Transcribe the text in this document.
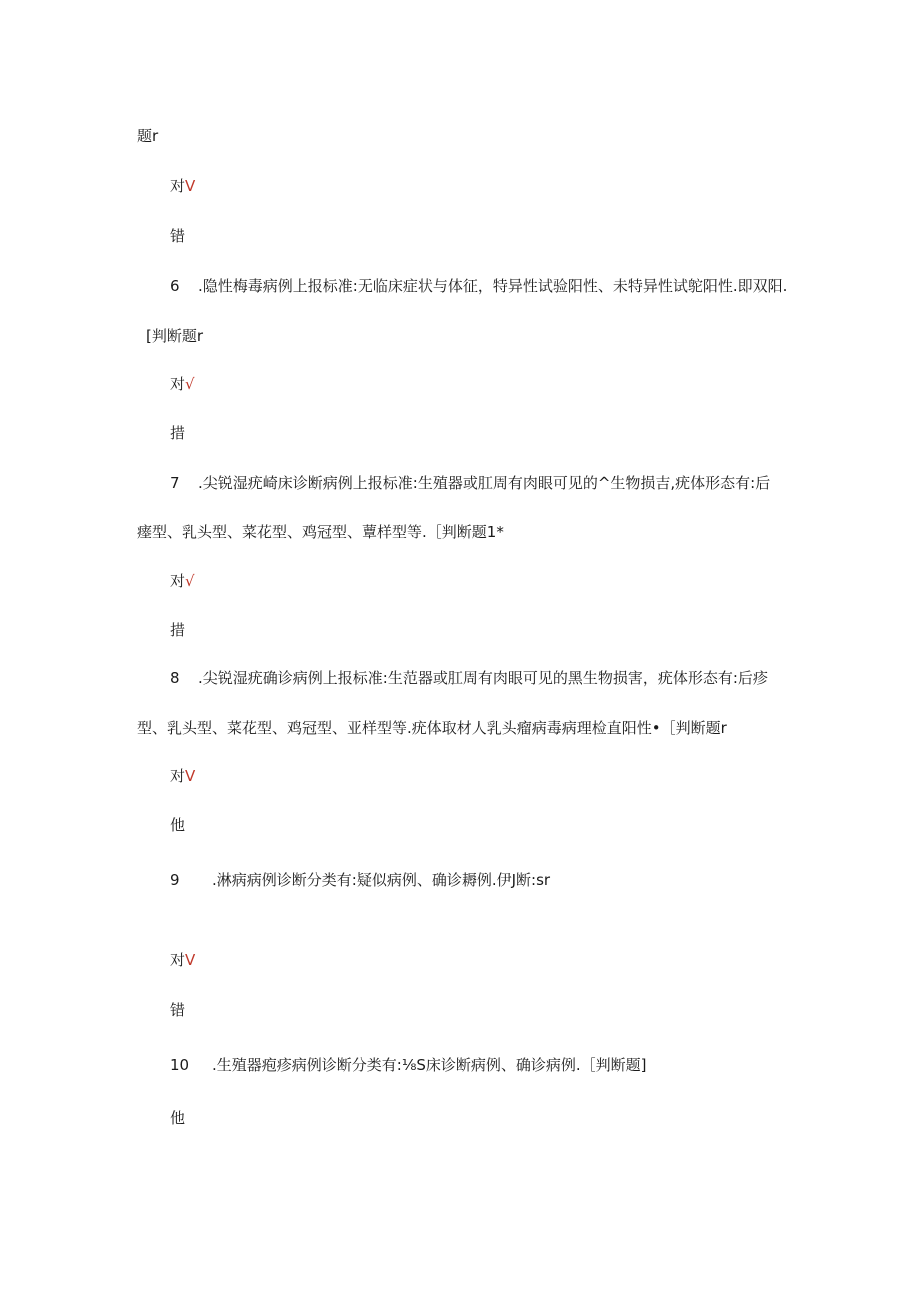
题r
对V
错
6 .隐性梅毒病例上报标准:无临床症状与体征，特异性试验阳性、未特异性试鸵阳性.即双阳.
[判断题r
对√
措
7 .尖锐湿疣崎床诊断病例上报标准:生殖器或肛周有肉眼可见的^生物损吉,疣体形态有:后
瘗型、乳头型、菜花型、鸡冠型、蕈样型等.［判断题1*
对√
措
8 .尖锐湿疣确诊病例上报标准:生范器或肛周有肉眼可见的黑生物损害，疣体形态有:后疹
型、乳头型、菜花型、鸡冠型、亚样型等.疣体取材人乳头瘤病毒病理检直阳性•［判断题r
对V
他
9 .淋病病例诊断分类有:疑似病例、确诊耨例.伊J断:sr
对V
错
10 .生殖器疱疹病例诊断分类有:⅛S床诊断病例、确诊病例.［判断题]
他
